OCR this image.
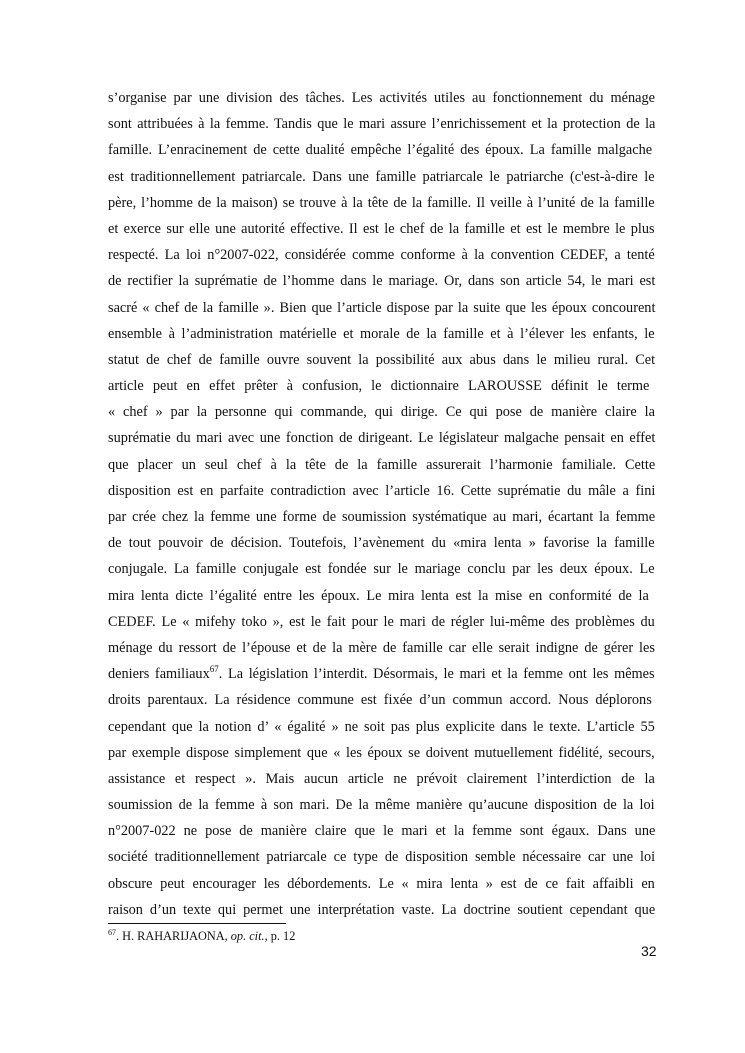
s’organise par une division des tâches. Les activités utiles au fonctionnement du ménage
sont attribuées à la femme. Tandis que le mari assure l’enrichissement et la protection de la
famille. L’enracinement de cette dualité empêche l’égalité des époux. La famille malgache
est traditionnellement patriarcale. Dans une famille patriarcale le patriarche (c'est-à-dire le
père, l’homme de la maison) se trouve à la tête de la famille. Il veille à l’unité de la famille
et exerce sur elle une autorité effective. Il est le chef de la famille et est le membre le plus
respecté. La loi n°2007-022, considérée comme conforme à la convention CEDEF, a tenté
de rectifier la suprématie de l’homme dans le mariage. Or, dans son article 54, le mari est
sacré « chef de la famille ». Bien que l’article dispose par la suite que les époux concourent
ensemble à l’administration matérielle et morale de la famille et à l’élever les enfants, le
statut de chef de famille ouvre souvent la possibilité aux abus dans le milieu rural. Cet
article peut en effet prêter à confusion, le dictionnaire LAROUSSE définit le terme
« chef » par la personne qui commande, qui dirige. Ce qui pose de manière claire la
suprématie du mari avec une fonction de dirigeant. Le législateur malgache pensait en effet
que placer un seul chef à la tête de la famille assurerait l’harmonie familiale. Cette
disposition est en parfaite contradiction avec l’article 16. Cette suprématie du mâle a fini
par crée chez la femme une forme de soumission systématique au mari, écartant la femme
de tout pouvoir de décision. Toutefois, l’avènement du «mira lenta » favorise la famille
conjugale. La famille conjugale est fondée sur le mariage conclu par les deux époux. Le
mira lenta dicte l’égalité entre les époux. Le mira lenta est la mise en conformité de la
CEDEF. Le « mifehy toko », est le fait pour le mari de régler lui-même des problèmes du
ménage du ressort de l’épouse et de la mère de famille car elle serait indigne de gérer les
deniers familiaux$^{67}$. La législation l’interdit. Désormais, le mari et la femme ont les mêmes
droits parentaux. La résidence commune est fixée d’un commun accord. Nous déplorons
cependant que la notion d’ « égalité » ne soit pas plus explicite dans le texte. L’article 55
par exemple dispose simplement que « les époux se doivent mutuellement fidélité, secours,
assistance et respect ». Mais aucun article ne prévoit clairement l’interdiction de la
soumission de la femme à son mari. De la même manière qu’aucune disposition de la loi
n°2007-022 ne pose de manière claire que le mari et la femme sont égaux. Dans une
société traditionnellement patriarcale ce type de disposition semble nécessaire car une loi
obscure peut encourager les débordements. Le « mira lenta » est de ce fait affaibli en
raison d’un texte qui permet une interprétation vaste. La doctrine soutient cependant que
$^{67}$. H. RAHARIJAONA, op. cit., p. 12
32
